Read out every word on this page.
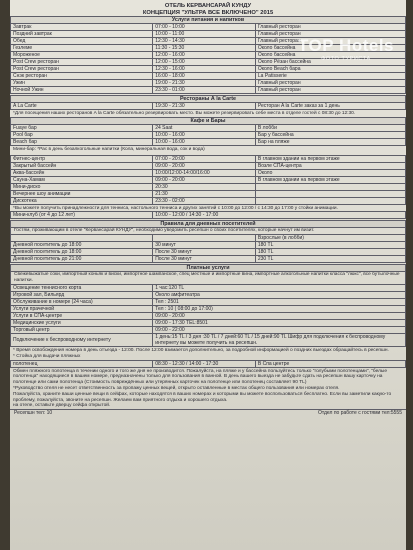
TOP Hotels
ФОТО ТУРИСТА
ОТЕЛЬ КЕРВАНСАРАЙ КУНДУ
КОНЦЕПЦИЯ "УЛЬТРА ВСЕ ВКЛЮЧЕНО" 2015
Услуги питания и напитков		
Завтрак	07:00 - 10:00	Главный ресторан
Поздний завтрак	10:00 - 11:00	Главный ресторан
Обед	12:30 - 14:30	Главный ресторан
Гезлеме	11:30 - 15:30	Около бассейна
Мороженое	12:00 - 16:00	Около бассейна
Post Crew ресторан	12:00 - 15:00	Около Рёзан бассейна
Post Crew ресторан	12:30 - 16:00	Около Beach бара
Снэк ресторан	16:00 - 18:00	La Patisserie
Ужин	19:00 - 21:30	Главный ресторан
Ночной Ужин	23:30 - 01:00	Главный ресторан
Рестораны А la Carte
A La Carte	19:30 - 21:30	Ресторан A la Carte заказ за 1 день
*Для посещения наших ресторанов A la Carte обязательно резервировать место. Вы можете резервировать себе места в отделе гостей с 08:30 до 12:30.
Кафе и Бары		
Fuaye бар	24 Saat	В лобби
Pool бар	10:00 - 16:00	Бар у бассейна
Beach бар	10:00 - 16:00	Бар на пляже
Мини-бар: *Рас в день безалкогольные напитки (Кола, минеральная вода, сок и вода)
Фитнес-центр	07:00 - 20:00	В главном здании на первом этаже
Закрытый бассейн	09:00 - 20:00	Возле СПА-центра
Аква-бассейн	10:00/12:00-14:00/16:00	Около
Сауна-Хамам	09:00 - 20:00	В главном здании на первом этаже
Мини-диско	20:30	
Вечернее шоу анимации	21:30	
Дискотека	23:30 - 02:00	
*Вы можете получить принадлежности для тенниса, настольного тенниса и других занятий с 10:00 до 12:00 / с 14:30 до 17:00 у стойки анимации.
Мини-клуб (от 4 до 12 лет)	10:00 - 12:00 / 14:30 - 17:00
Правила для дневных посетителей		
Гостям, проживающим в отеле "Кервансарай КУНДУ", необходимо уведомить ресепшн о своих посетителях, которые начнут им визит.		
		Взрослые (в лобби)
Дневной посетитель до 18:00	30 минут	180 TL
Дневной посетитель до 18:00	После 30 минут	180 TL
Дневной посетитель до 21:00	После 30 минут	230 TL
Платные услуги	
Свежевыжатые соки, импортный коньяк и виски, импортное шампанское, спец местные и импортные вина, импортные алкогольные напитки класса "люкс", все бутылочные напитки.	
Освещение теннисного корта	1 час:120 TL
Игровой зал, Бильярд	Около амфитеатра
Обслуживание в номере (24 часа)	Тел : 2501
Услуги прачечной	Тел : 10 ( 08:00 до 17:00)
Услуги в СПА-центре	09:00 - 20:00
Медицинские услуги	09:00 - 17:30 ТЕL:8501
Торговый центр	09:00 - 22:00
Подключение к беспроводному интернету	1 день:15 TL / 3 дня :30 TL / 7 дней:60 TL / 15 дней:90 TL Шифр для подключения к беспроводному интернету вы можете получить на ресепшн.
* Время освобождения номера в день отъезда - 12:00. После 12:00 взимается дополнительно, за подробной информацией о поздних выездах обращайтесь в ресепшн.
* Стойка для выдачи пляжных
полотенец	08:30 - 12:30 / 14:00 - 17:30	В Спа центре
Обмен пляжного полотенца в течении одного и того же дня не производится. Пожалуйста, на пляже и у бассейна пользуйтесь только "голубыми полотенцами", "белые полотенца" находящиеся в вашем номере, предназначены только для пользования в ванной. В день вашего выезда не забудьте сдать на ресепшн вашу карточку на полотенце или сами полотенца (Стоимость повреждённых или утерянных карточек на полотенце или полотенец составляет 90 TL)
*Руководство отеля не несет ответственность за пропажу ценных вещей, открыто оставленные в местах общего пользования или номерах отеля.
Пожалуйста, храните ваши ценные вещи в сейфах, которые находятся в ваших номерах и которыми вы можете воспользоваться бесплатно. Если вы заметили какую-то проблему, пожалуйста, звоните на ресепшн. Желаем вам приятного отдыха и хорошего отдыха.
на отеле, оставьте дверцу сейфа открытой.
Ресепшн тел: 10	Отдел по работе с гостями тел:5555
